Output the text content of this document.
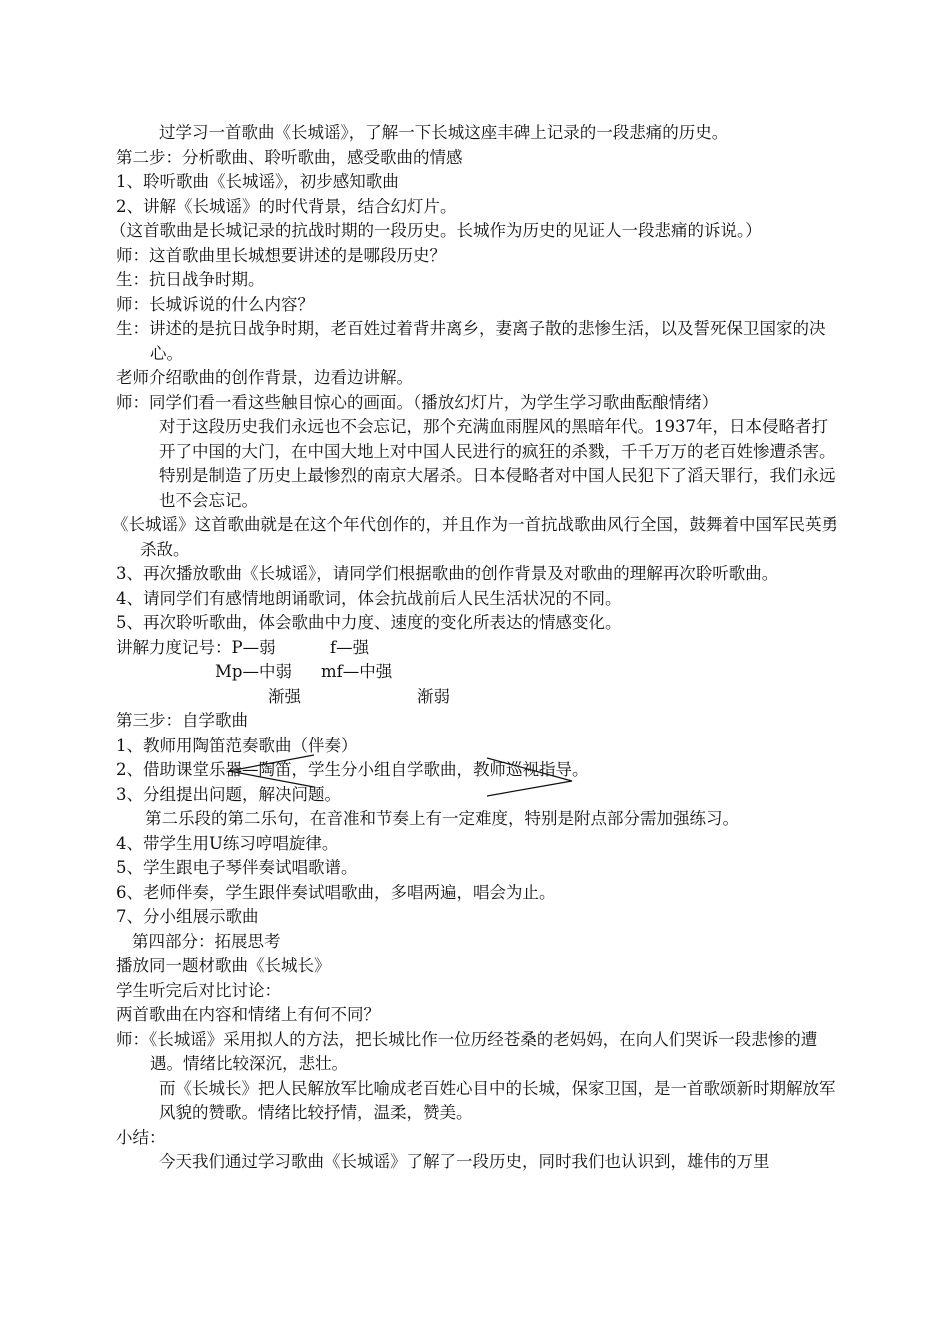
过学习一首歌曲《长城谣》，了解一下长城这座丰碑上记录的一段悲痛的历史。

第二步：分析歌曲、聆听歌曲，感受歌曲的情感

1、聆听歌曲《长城谣》，初步感知歌曲

2、讲解《长城谣》的时代背景，结合幻灯片。

（这首歌曲是长城记录的抗战时期的一段历史。长城作为历史的见证人一段悲痛的诉说。）

师：这首歌曲里长城想要讲述的是哪段历史？

生：抗日战争时期。

师：长城诉说的什么内容？

生：讲述的是抗日战争时期，老百姓过着背井离乡，妻离子散的悲惨生活，以及誓死保卫国家的决心。

老师介绍歌曲的创作背景，边看边讲解。

师：同学们看一看这些触目惊心的画面。（播放幻灯片，为学生学习歌曲酝酿情绪）

对于这段历史我们永远也不会忘记，那个充满血雨腥风的黑暗年代。1937年，日本侵略者打开了中国的大门，在中国大地上对中国人民进行的疯狂的杀戮，千千万万的老百姓惨遭杀害。特别是制造了历史上最惨烈的南京大屠杀。日本侵略者对中国人民犯下了滔天罪行，我们永远也不会忘记。

《长城谣》这首歌曲就是在这个年代创作的，并且作为一首抗战歌曲风行全国，鼓舞着中国军民英勇杀敌。

3、再次播放歌曲《长城谣》，请同学们根据歌曲的创作背景及对歌曲的理解再次聆听歌曲。

4、请同学们有感情地朗诵歌词，体会抗战前后人民生活状况的不同。

5、再次聆听歌曲，体会歌曲中力度、速度的变化所表达的情感变化。

讲解力度记号：P—弱	f—强
Mp—中弱 mf—中强
渐强	渐弱

第三步：自学歌曲

1、教师用陶笛范奏歌曲（伴奏）

2、借助课堂乐器—陶笛，学生分小组自学歌曲，教师巡视指导。

3、分组提出问题，解决问题。

第二乐段的第二乐句，在音准和节奏上有一定难度，特别是附点部分需加强练习。

4、带学生用U练习哼唱旋律。

5、学生跟电子琴伴奏试唱歌谱。

6、老师伴奏，学生跟伴奏试唱歌曲，多唱两遍，唱会为止。

7、分小组展示歌曲

第四部分：拓展思考

播放同一题材歌曲《长城长》

学生听完后对比讨论：

两首歌曲在内容和情绪上有何不同？

师：《长城谣》采用拟人的方法，把长城比作一位历经苍桑的老妈妈，在向人们哭诉一段悲惨的遭遇。情绪比较深沉，悲壮。

而《长城长》把人民解放军比喻成老百姓心目中的长城，保家卫国，是一首歌颂新时期解放军风貌的赞歌。情绪比较抒情，温柔，赞美。

小结：

今天我们通过学习歌曲《长城谣》了解了一段历史，同时我们也认识到，雄伟的万里
